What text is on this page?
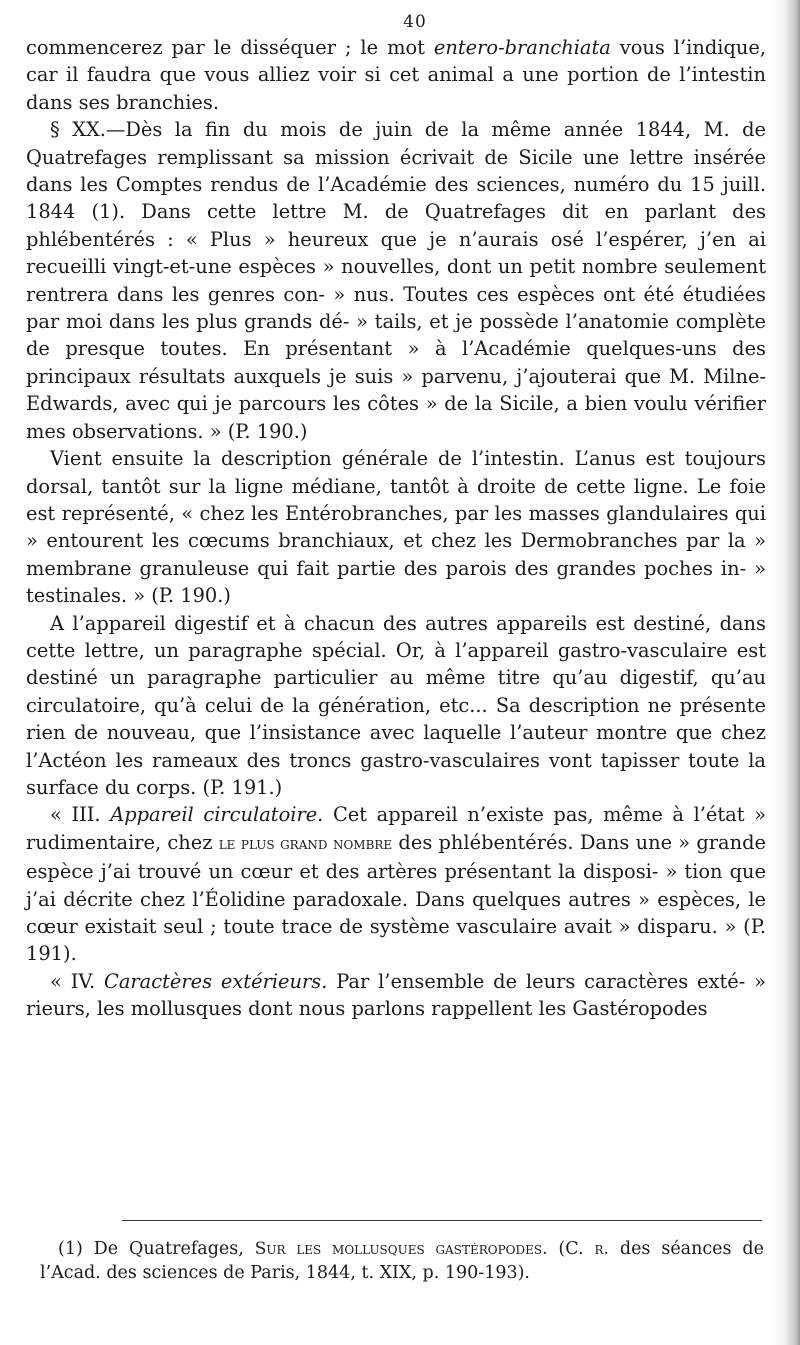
40

commencerez par le disséquer ; le mot entero-branchiata vous l’indique, car il faudra que vous alliez voir si cet animal a une portion de l’intestin dans ses branchies.

§ XX.—Dès la fin du mois de juin de la même année 1844, M. de Quatrefages remplissant sa mission écrivait de Sicile une lettre insérée dans les Comptes rendus de l’Académie des sciences, numéro du 15 juill. 1844 (1). Dans cette lettre M. de Quatrefages dit en parlant des phlébentérés : « Plus » heureux que je n’aurais osé l’espérer, j’en ai recueilli vingt-et-une espèces » nouvelles, dont un petit nombre seulement rentrera dans les genres con- » nus. Toutes ces espèces ont été étudiées par moi dans les plus grands dé- » tails, et je possède l’anatomie complète de presque toutes. En présentant » à l’Académie quelques-uns des principaux résultats auxquels je suis » parvenu, j’ajouterai que M. Milne-Edwards, avec qui je parcours les côtes » de la Sicile, a bien voulu vérifier mes observations. » (P. 190.)

Vient ensuite la description générale de l’intestin. L’anus est toujours dorsal, tantôt sur la ligne médiane, tantôt à droite de cette ligne. Le foie est représenté, « chez les Entérobranches, par les masses glandulaires qui » entourent les cœcums branchiaux, et chez les Dermobranches par la » membrane granuleuse qui fait partie des parois des grandes poches in- » testinales. » (P. 190.)

A l’appareil digestif et à chacun des autres appareils est destiné, dans cette lettre, un paragraphe spécial. Or, à l’appareil gastro-vasculaire est destiné un paragraphe particulier au même titre qu’au digestif, qu’au circulatoire, qu’à celui de la génération, etc... Sa description ne présente rien de nouveau, que l’insistance avec laquelle l’auteur montre que chez l’Actéon les rameaux des troncs gastro-vasculaires vont tapisser toute la surface du corps. (P. 191.)

« III. Appareil circulatoire. Cet appareil n’existe pas, même à l’état » rudimentaire, chez le plus grand nombre des phlébentérés. Dans une » grande espèce j’ai trouvé un cœur et des artères présentant la disposi- » tion que j’ai décrite chez l’Éolidine paradoxale. Dans quelques autres » espèces, le cœur existait seul ; toute trace de système vasculaire avait » disparu. » (P. 191).

« IV. Caractères extérieurs. Par l’ensemble de leurs caractères exté- » rieurs, les mollusques dont nous parlons rappellent les Gastéropodes

(1) De Quatrefages, Sur les mollusques gastéropodes. (C. r. des séances de l’Acad. des sciences de Paris, 1844, t. XIX, p. 190-193).
